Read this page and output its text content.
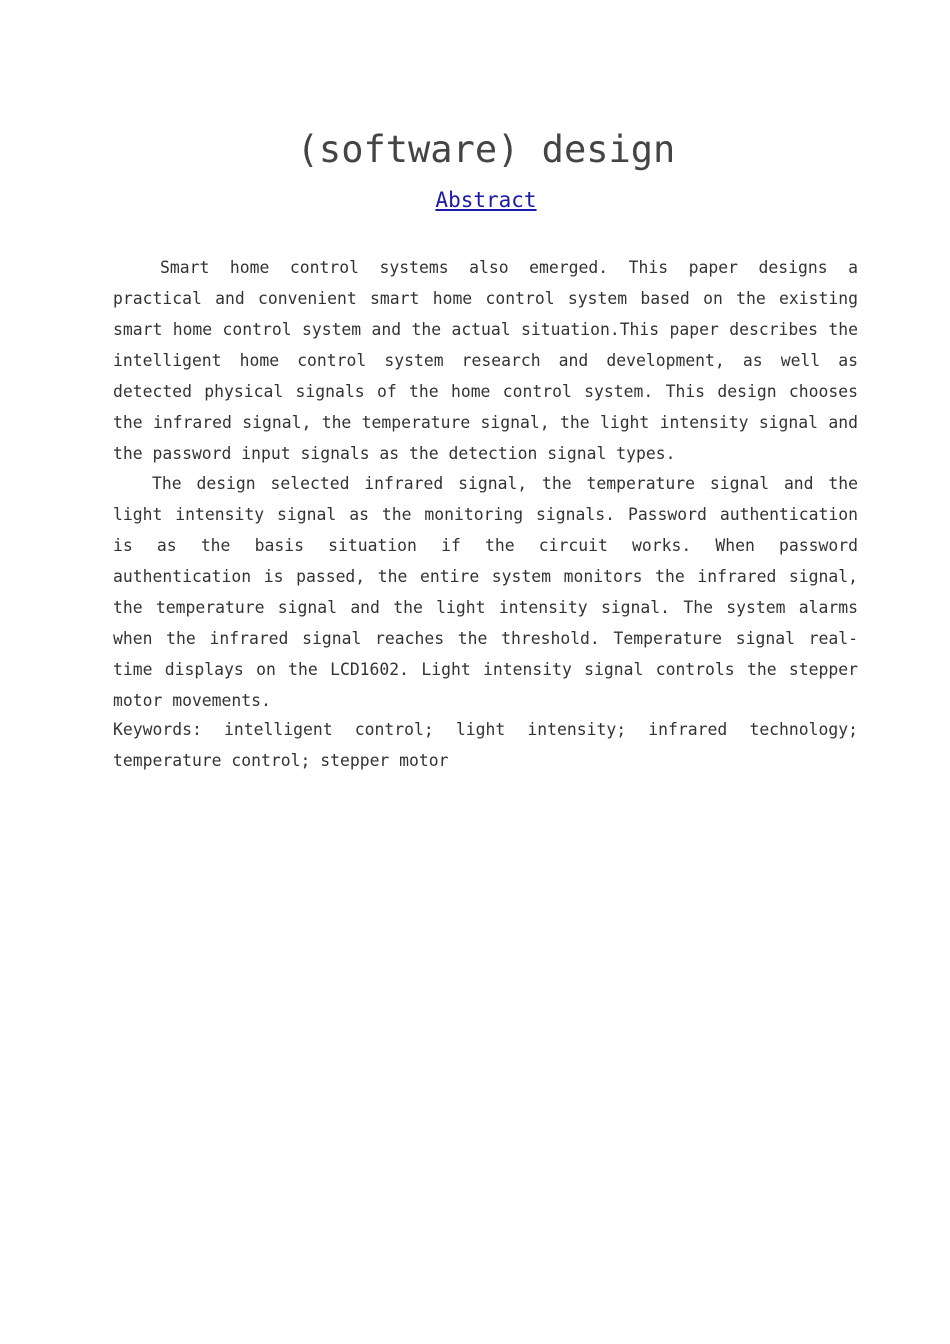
(software) design
Abstract

Smart home control systems also emerged. This paper designs a practical and convenient smart home control system based on the existing smart home control system and the actual situation.This paper describes the intelligent home control system research and development, as well as detected physical signals of the home control system. This design chooses the infrared signal, the temperature signal, the light intensity signal and the password input signals as the detection signal types.

The design selected infrared signal, the temperature signal and the light intensity signal as the monitoring signals. Password authentication is as the basis situation if the circuit works. When password authentication is passed, the entire system monitors the infrared signal, the temperature signal and the light intensity signal. The system alarms when the infrared signal reaches the threshold. Temperature signal real-time displays on the LCD1602. Light intensity signal controls the stepper motor movements.

Keywords: intelligent control; light intensity; infrared technology; temperature control; stepper motor
